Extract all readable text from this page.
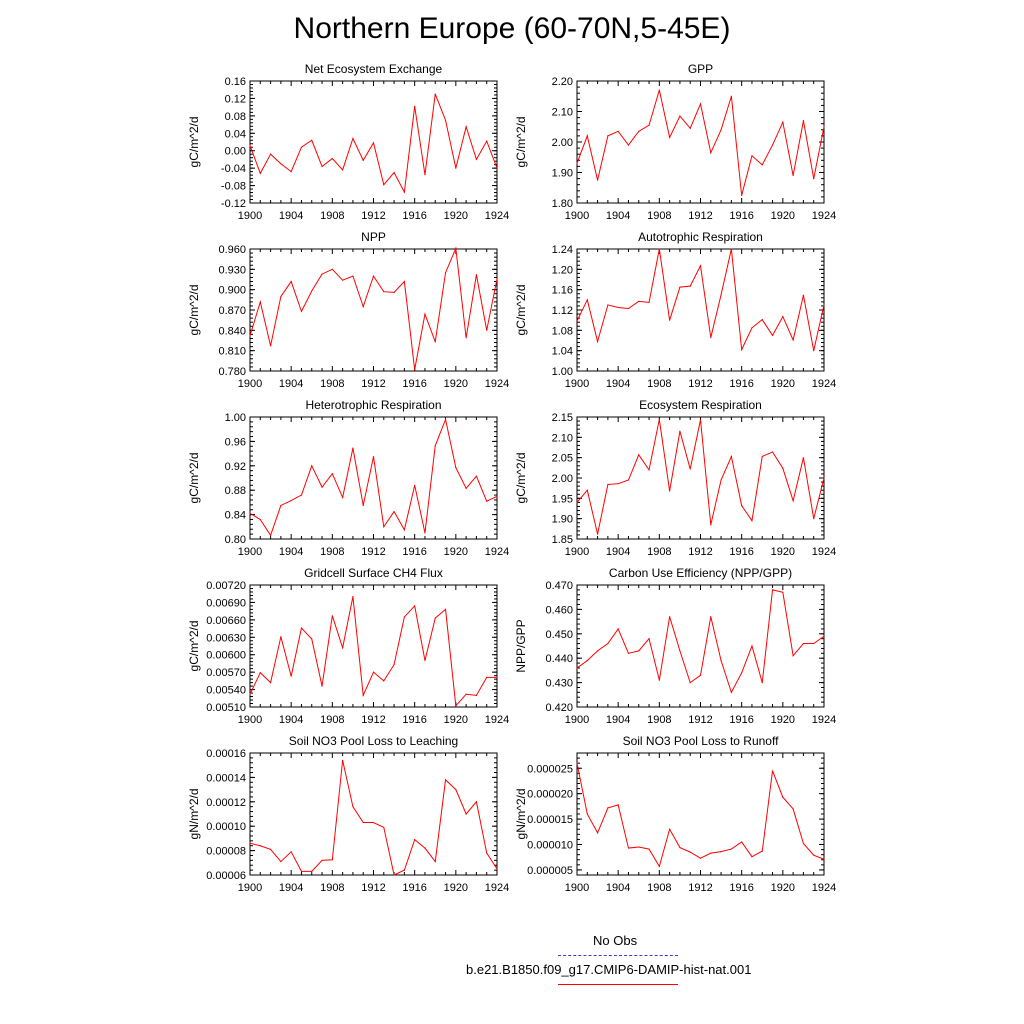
Northern Europe (60-70N,5-45E)
Net Ecosystem Exchange
gC/m^2/d
1900 1904 1908 1912 1916 1920 1924
-0.12
-0.08
-0.04
0.00
0.04
0.08
0.12
0.16
GPP
gC/m^2/d
1900 1904 1908 1912 1916 1920 1924
1.80
1.90
2.00
2.10
2.20
NPP
gC/m^2/d
1900 1904 1908 1912 1916 1920 1924
0.780
0.810
0.840
0.870
0.900
0.930
0.960
Autotrophic Respiration
gC/m^2/d
1900 1904 1908 1912 1916 1920 1924
1.00
1.04
1.08
1.12
1.16
1.20
1.24
Heterotrophic Respiration
gC/m^2/d
1900 1904 1908 1912 1916 1920 1924
0.80
0.84
0.88
0.92
0.96
1.00
Ecosystem Respiration
gC/m^2/d
1900 1904 1908 1912 1916 1920 1924
1.85
1.90
1.95
2.00
2.05
2.10
2.15
Gridcell Surface CH4 Flux
gC/m^2/d
1900 1904 1908 1912 1916 1920 1924
0.00510
0.00540
0.00570
0.00600
0.00630
0.00660
0.00690
0.00720
Carbon Use Efficiency (NPP/GPP)
NPP/GPP
1900 1904 1908 1912 1916 1920 1924
0.420
0.430
0.440
0.450
0.460
0.470
Soil NO3 Pool Loss to Leaching
gN/m^2/d
1900 1904 1908 1912 1916 1920 1924
0.00006
0.00008
0.00010
0.00012
0.00014
0.00016
Soil NO3 Pool Loss to Runoff
gN/m^2/d
1900 1904 1908 1912 1916 1920 1924
0.000005
0.000010
0.000015
0.000020
0.000025
No Obs
b.e21.B1850.f09_g17.CMIP6-DAMIP-hist-nat.001
